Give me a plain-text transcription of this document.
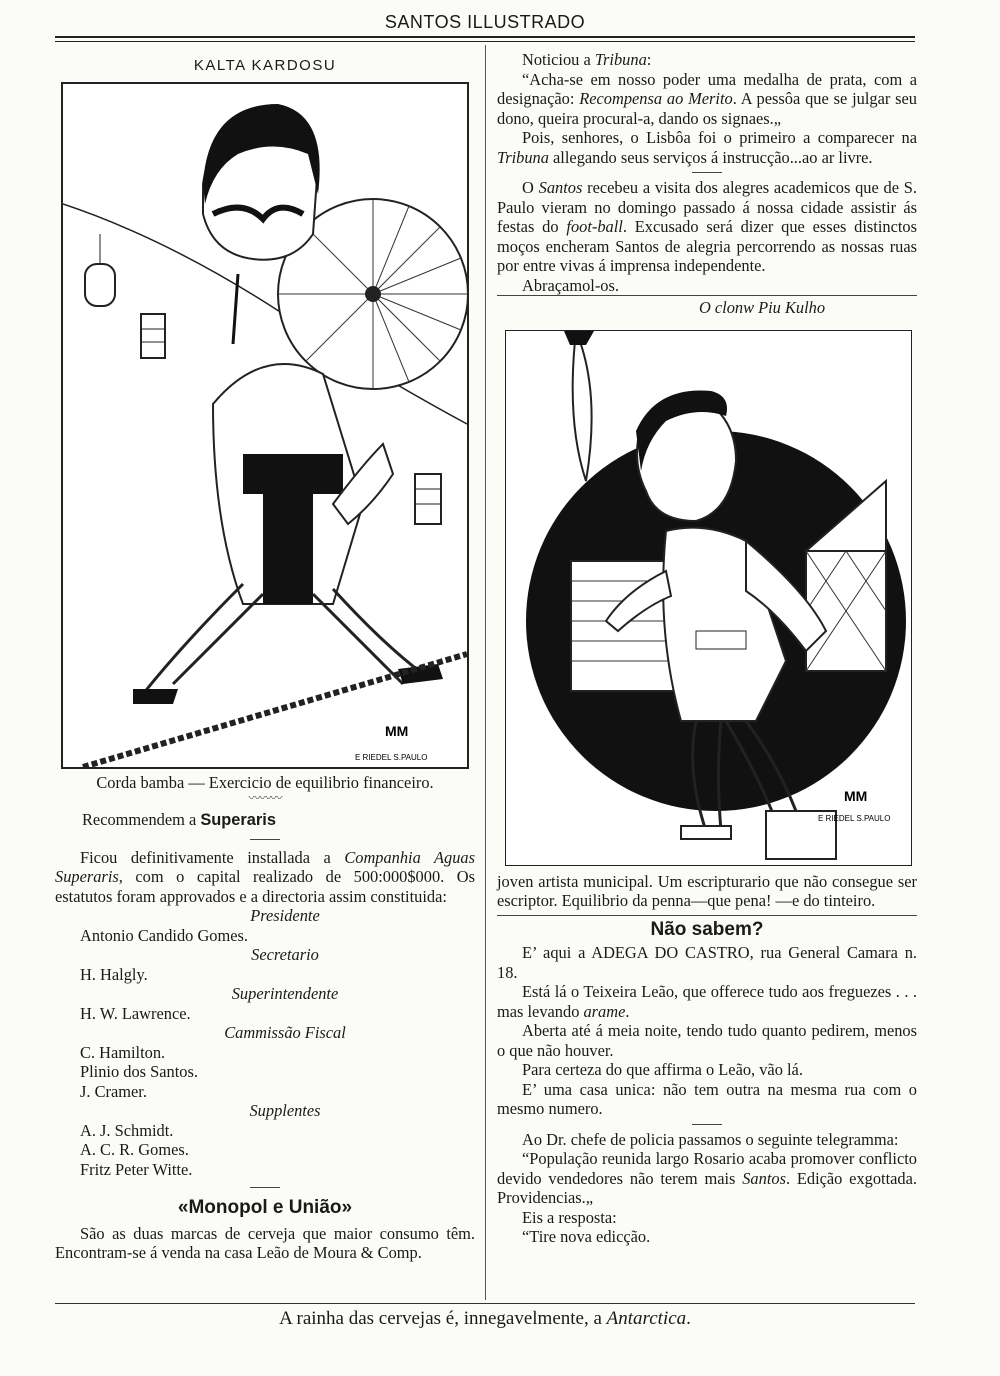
SANTOS ILLUSTRADO
KALTA KARDOSU
MM
E RIEDEL S.PAULO
Corda bamba — Exercicio de equilibrio financeiro.
〰〰〰

Recommendem a Superaris

Ficou definitivamente installada a Companhia Aguas Superaris, com o capital realizado de 500:000$000. Os estatutos foram approvados e a directoria assim constituida:

Presidente
Antonio Candido Gomes.
Secretario
H. Halgly.
Superintendente
H. W. Lawrence.
Cammissão Fiscal
C. Hamilton.
Plinio dos Santos.
J. Cramer.
Supplentes
A. J. Schmidt.
A. C. R. Gomes.
Fritz Peter Witte.
«Monopol e União»

São as duas marcas de cerveja que maior consumo têm. Encontram-se á venda na casa Leão de Moura & Comp.

Noticiou a Tribuna:

“Acha-se em nosso poder uma medalha de prata, com a designação: Recompensa ao Merito. A pessôa que se julgar seu dono, queira procural-a, dando os signaes.„

Pois, senhores, o Lisbôa foi o primeiro a comparecer na Tribuna allegando seus serviços á instrucção...ao ar livre.

O Santos recebeu a visita dos alegres academicos que de S. Paulo vieram no domingo passado á nossa cidade assistir ás festas do foot-ball. Excusado será dizer que esses distinctos moços encheram Santos de alegria percorrendo as nossas ruas por entre vivas á imprensa independente.

Abraçamol-os.

O clonw Piu Kulho
MM
E RIEDEL S.PAULO

joven artista municipal. Um escripturario que não consegue ser escriptor. Equilibrio da penna—que pena! —e do tinteiro.

Não sabem?

E’ aqui a ADEGA DO CASTRO, rua General Camara n. 18.

Está lá o Teixeira Leão, que offerece tudo aos freguezes . . . mas levando arame.

Aberta até á meia noite, tendo tudo quanto pedirem, menos o que não houver.

Para certeza do que affirma o Leão, vão lá.

E’ uma casa unica: não tem outra na mesma rua com o mesmo numero.

Ao Dr. chefe de policia passamos o seguinte telegramma:

“População reunida largo Rosario acaba promover conflicto devido vendedores não terem mais Santos. Edição exgottada. Providencias.„

Eis a resposta:

“Tire nova edicção.

A rainha das cervejas é, innegavelmente, a Antarctica.
